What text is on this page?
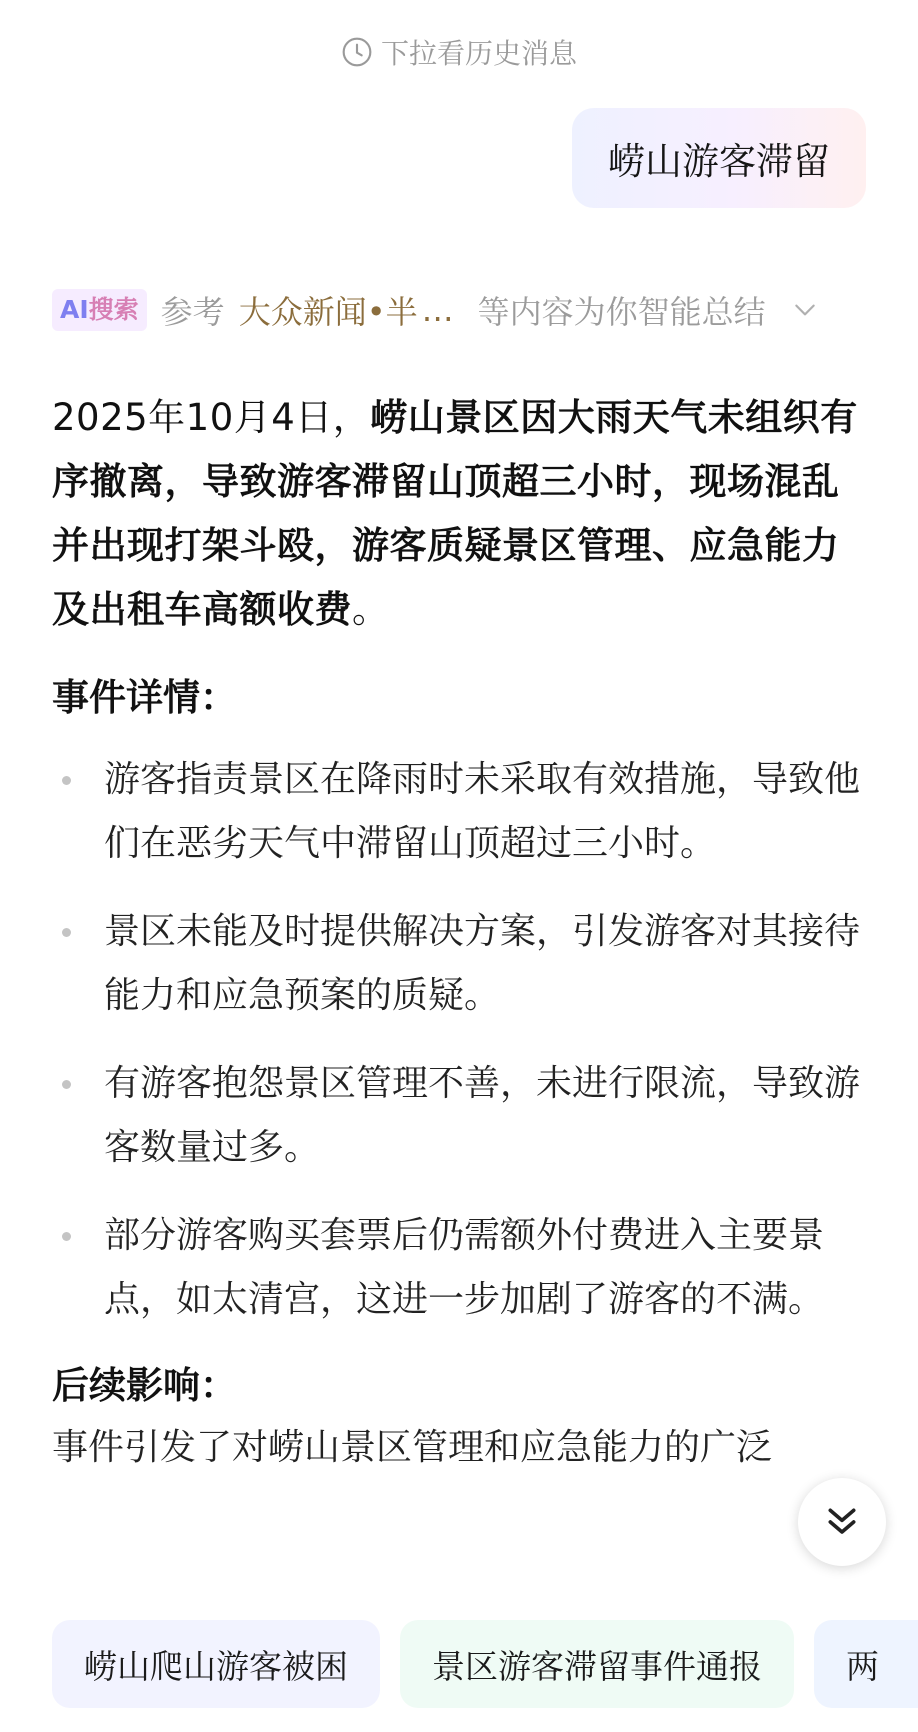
下拉看历史消息
崂山游客滞留
AI搜索 参考 大众新闻•半 … 等内容为你智能总结

2025年10月4日，崂山景区因大雨天气未组织有序撤离，导致游客滞留山顶超三小时，现场混乱并出现打架斗殴，游客质疑景区管理、应急能力及出租车高额收费。

事件详情：

游客指责景区在降雨时未采取有效措施，导致他们在恶劣天气中滞留山顶超过三小时。
景区未能及时提供解决方案，引发游客对其接待能力和应急预案的质疑。
有游客抱怨景区管理不善，未进行限流，导致游客数量过多。
部分游客购买套票后仍需额外付费进入主要景点，如太清宫，这进一步加剧了游客的不满。

后续影响：

事件引发了对崂山景区管理和应急能力的广泛

崂山爬山游客被困	景区游客滞留事件通报	两
